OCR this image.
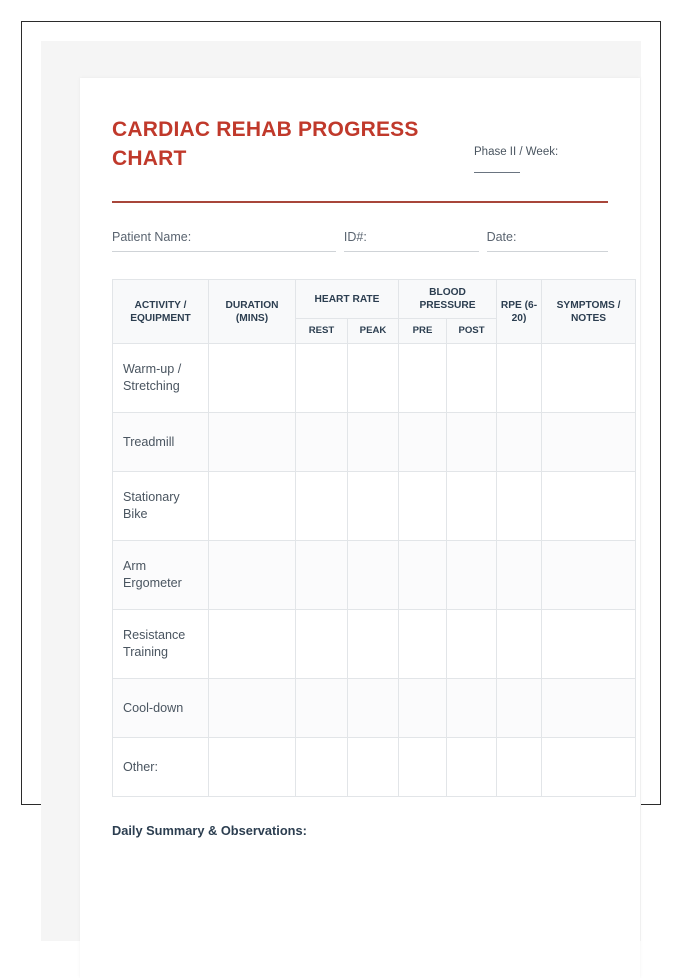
CARDIAC REHAB PROGRESS CHART	Phase II / Week:
Patient Name:	ID#:	Date:
ACTIVITY / EQUIPMENT	DURATION (MINS)	HEART RATE		BLOOD PRESSURE		RPE (6-20)	SYMPTOMS / NOTES
		REST	PEAK	PRE	POST		
Warm-up / Stretching							
Treadmill							
Stationary Bike							
Arm Ergometer							
Resistance Training							
Cool-down							
Other:							
Daily Summary & Observations:
